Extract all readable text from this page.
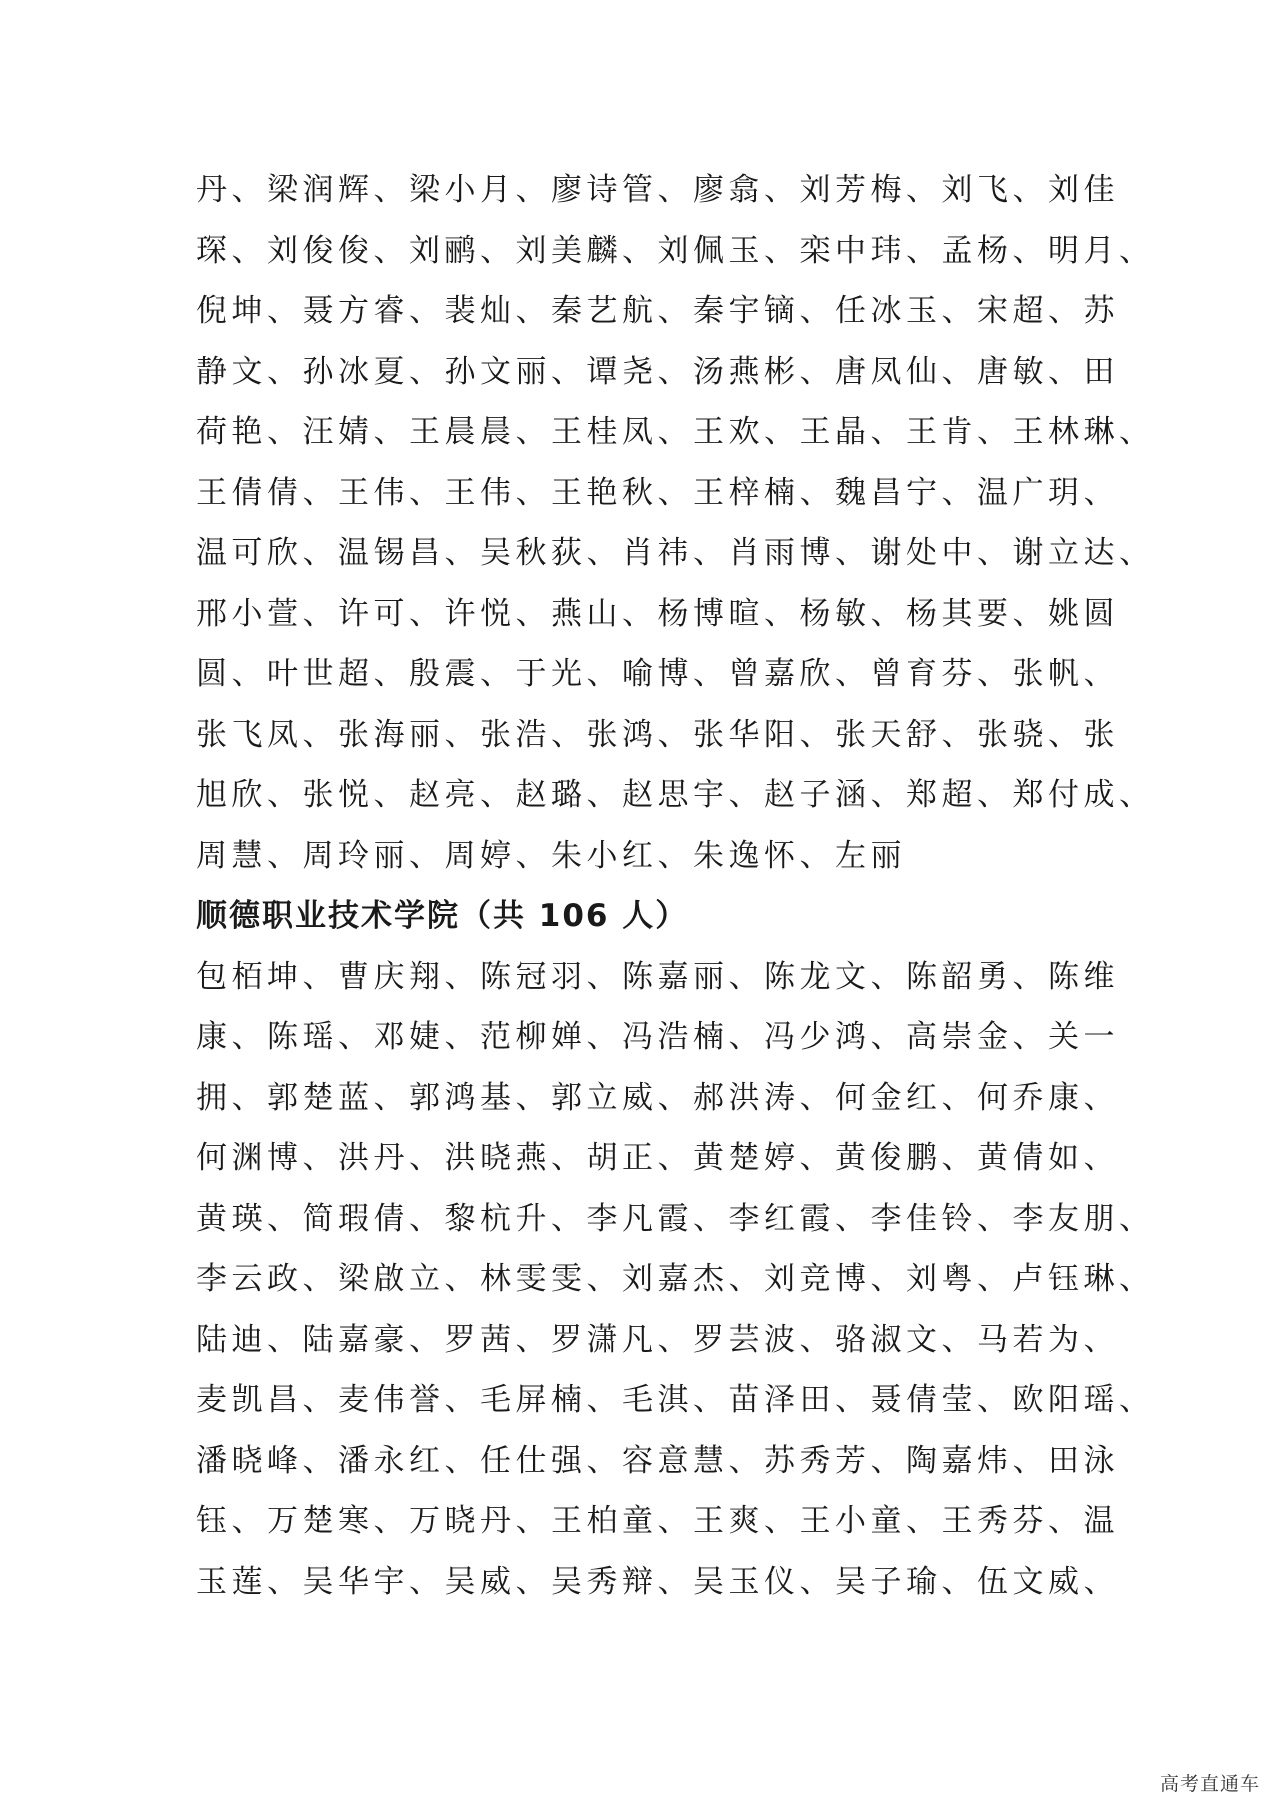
丹、梁润辉、梁小月、廖诗管、廖翕、刘芳梅、刘飞、刘佳
琛、刘俊俊、刘鹂、刘美麟、刘佩玉、栾中玮、孟杨、明月、
倪坤、聂方睿、裴灿、秦艺航、秦宇镝、任冰玉、宋超、苏
静文、孙冰夏、孙文丽、谭尧、汤燕彬、唐凤仙、唐敏、田
荷艳、汪婧、王晨晨、王桂凤、王欢、王晶、王肯、王林琳、
王倩倩、王伟、王伟、王艳秋、王梓楠、魏昌宁、温广玥、
温可欣、温锡昌、吴秋荻、肖祎、肖雨博、谢处中、谢立达、
邢小萱、许可、许悦、燕山、杨博暄、杨敏、杨其要、姚圆
圆、叶世超、殷震、于光、喻博、曾嘉欣、曾育芬、张帆、
张飞凤、张海丽、张浩、张鸿、张华阳、张天舒、张骁、张
旭欣、张悦、赵亮、赵璐、赵思宇、赵子涵、郑超、郑付成、
周慧、周玲丽、周婷、朱小红、朱逸怀、左丽
顺德职业技术学院（共 106 人）
包栢坤、曹庆翔、陈冠羽、陈嘉丽、陈龙文、陈韶勇、陈维
康、陈瑶、邓婕、范柳婵、冯浩楠、冯少鸿、高崇金、关一
拥、郭楚蓝、郭鸿基、郭立威、郝洪涛、何金红、何乔康、
何渊博、洪丹、洪晓燕、胡正、黄楚婷、黄俊鹏、黄倩如、
黄瑛、简瑕倩、黎杭升、李凡霞、李红霞、李佳铃、李友朋、
李云政、梁啟立、林雯雯、刘嘉杰、刘竞博、刘粤、卢钰琳、
陆迪、陆嘉豪、罗茜、罗潇凡、罗芸波、骆淑文、马若为、
麦凯昌、麦伟誉、毛屏楠、毛淇、苗泽田、聂倩莹、欧阳瑶、
潘晓峰、潘永红、任仕强、容意慧、苏秀芳、陶嘉炜、田泳
钰、万楚寒、万晓丹、王柏童、王爽、王小童、王秀芬、温
玉莲、吴华宇、吴威、吴秀辩、吴玉仪、吴子瑜、伍文威、
高考直通车
